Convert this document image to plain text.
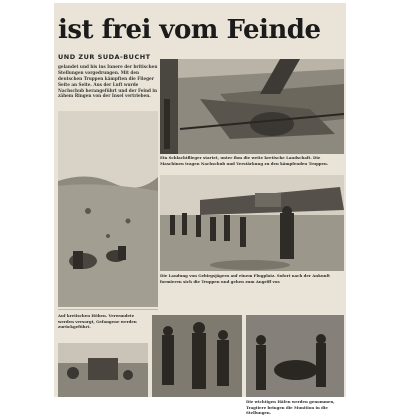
ist frei vom Feinde
UND ZUR SUDA-BUCHT
gelandet und bis ins Innere der britischen Stellungen vorgedrungen. Mit den deutschen Truppen kämpften die Flieger Seite an Seite. Aus der Luft wurde Nachschub herangeführt und der Feind in zähem Ringen von der Insel vertrieben.
Ein Schlachtflieger startet, unter ihm die weite kretische Landschaft. Die Maschinen tragen Nachschub und Verstärkung zu den kämpfenden Truppen.
Die Landung von Gebirgsjägern auf einem Flugplatz. Sofort nach der Ankunft formieren sich die Truppen und gehen zum Angriff vor.
Auf kretischen Höhen. Verwundete werden versorgt, Gefangene werden zurückgeführt.
Die wichtigen Häfen werden genommen, Tragtiere bringen die Munition in die Stellungen.
